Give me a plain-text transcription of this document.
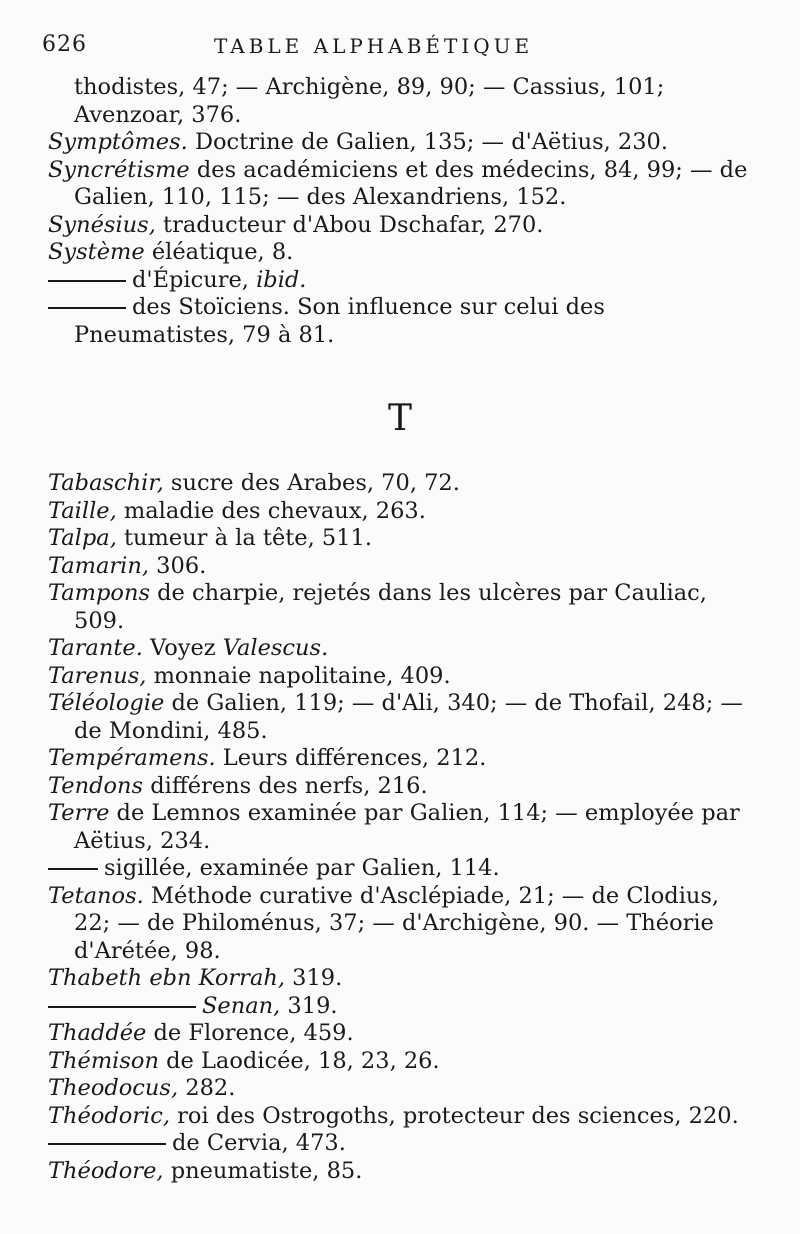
626	TABLE ALPHABÉTIQUE
thodistes, 47; — Archigène, 89, 90; — Cassius, 101; Avenzoar, 376.
Symptômes. Doctrine de Galien, 135; — d'Aëtius, 230.
Syncrétisme des académiciens et des médecins, 84, 99; — de Galien, 110, 115; — des Alexandriens, 152.
Synésius, traducteur d'Abou Dschafar, 270.
Système éléatique, 8.
d'Épicure, ibid.
des Stoïciens. Son influence sur celui des Pneumatistes, 79 à 81.
T
Tabaschir, sucre des Arabes, 70, 72.
Taille, maladie des chevaux, 263.
Talpa, tumeur à la tête, 511.
Tamarin, 306.
Tampons de charpie, rejetés dans les ulcères par Cauliac, 509.
Tarante. Voyez Valescus.
Tarenus, monnaie napolitaine, 409.
Téléologie de Galien, 119; — d'Ali, 340; — de Thofail, 248; — de Mondini, 485.
Tempéramens. Leurs différences, 212.
Tendons différens des nerfs, 216.
Terre de Lemnos examinée par Galien, 114; — employée par Aëtius, 234.
sigillée, examinée par Galien, 114.
Tetanos. Méthode curative d'Asclépiade, 21; — de Clodius, 22; — de Philoménus, 37; — d'Archigène, 90. — Théorie d'Arétée, 98.
Thabeth ebn Korrah, 319.
Senan, 319.
Thaddée de Florence, 459.
Thémison de Laodicée, 18, 23, 26.
Theodocus, 282.
Théodoric, roi des Ostrogoths, protecteur des sciences, 220.
de Cervia, 473.
Théodore, pneumatiste, 85.
